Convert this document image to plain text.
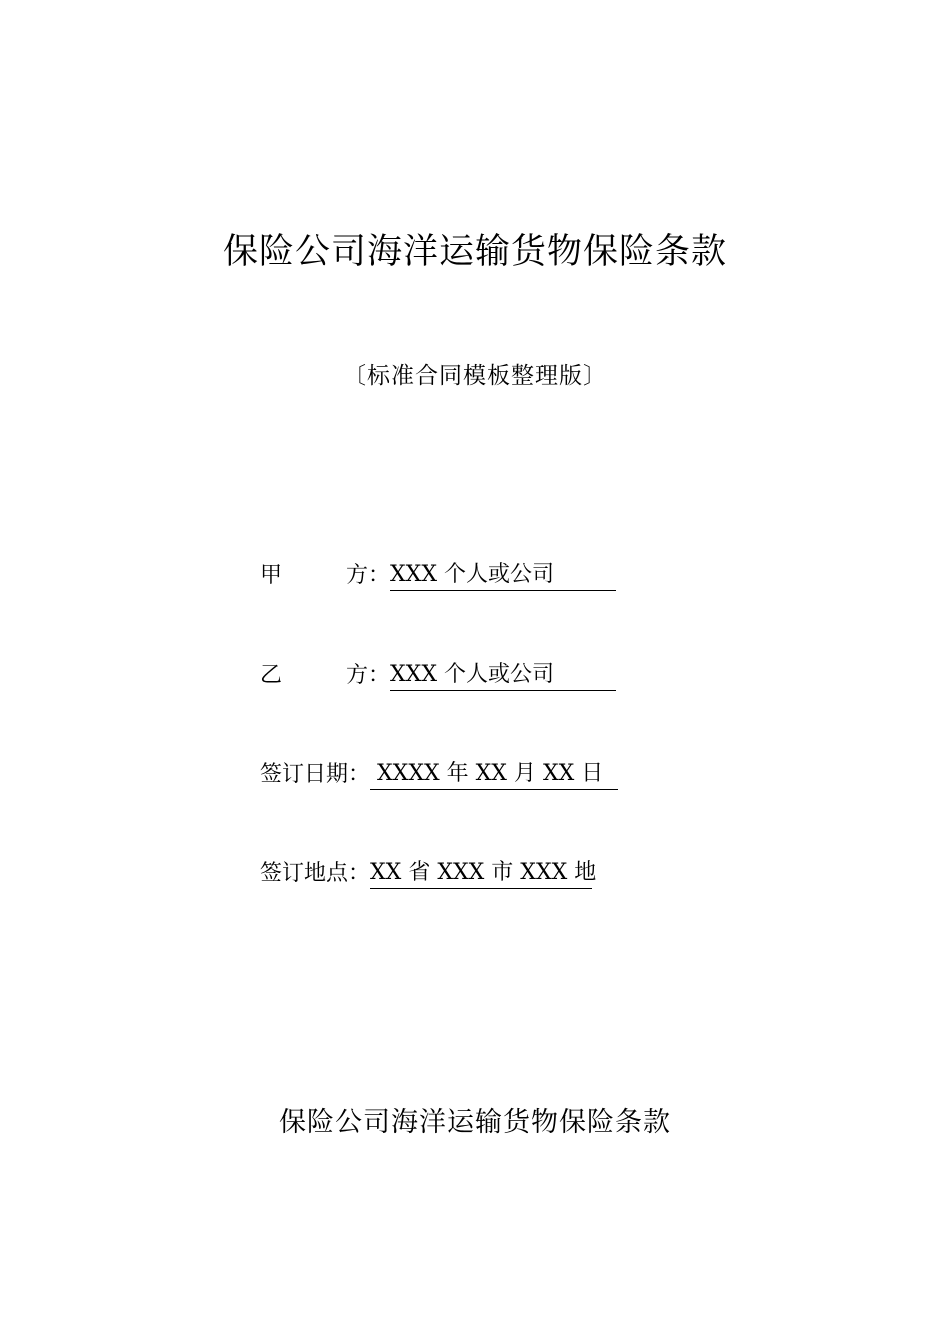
保险公司海洋运输货物保险条款
〔标准合同模板整理版〕
甲	方： XXX 个人或公司
乙	方： XXX 个人或公司
签订日期： XXXX 年 XX 月 XX 日
签订地点：XX 省 XXX 市 XXX 地
保险公司海洋运输货物保险条款
